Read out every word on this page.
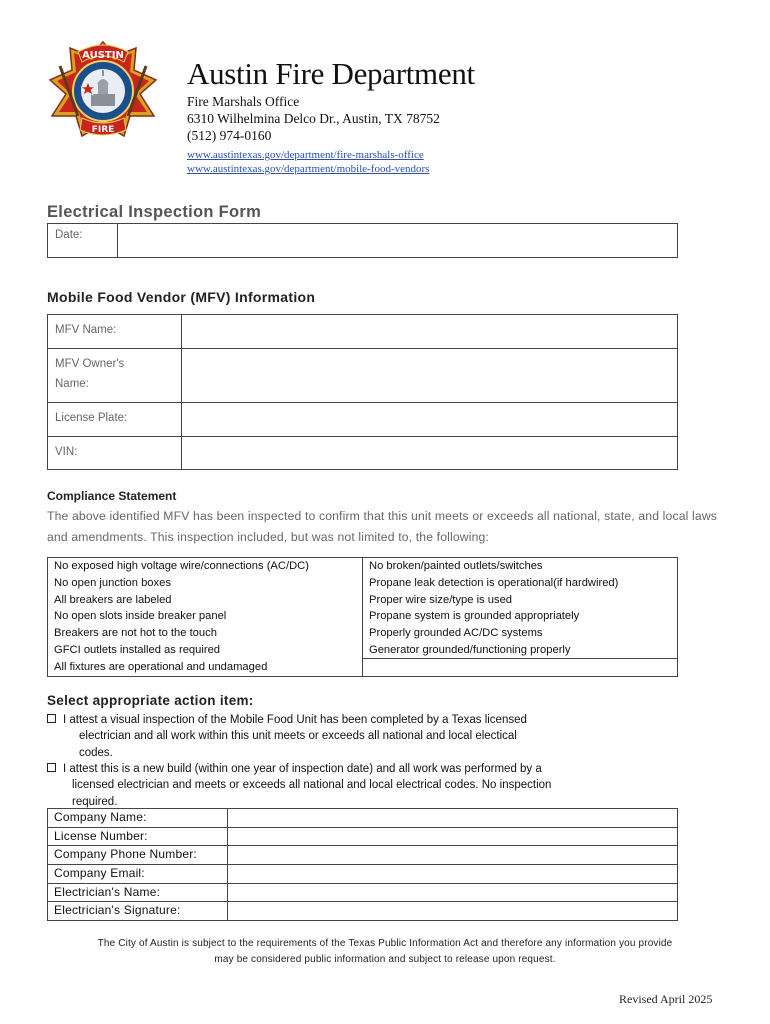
AUSTIN
FIRE
Austin Fire Department
Fire Marshals Office
6310 Wilhelmina Delco Dr., Austin, TX 78752
(512) 974-0160
www.austintexas.gov/department/fire-marshals-office
www.austintexas.gov/department/mobile-food-vendors
Electrical Inspection Form
Date:	
Mobile Food Vendor (MFV) Information
MFV Name:	
MFV Owner's
Name:	
License Plate:	
VIN:	
Compliance Statement
The above identified MFV has been inspected to confirm that this unit meets or exceeds all national, state, and local laws and amendments. This inspection included, but was not limited to, the following:
No exposed high voltage wire/connections (AC/DC)
No open junction boxes
All breakers are labeled
No open slots inside breaker panel
Breakers are not hot to the touch
GFCI outlets installed as required
All fixtures are operational and undamaged

No broken/painted outlets/switches
Propane leak detection is operational(if hardwired)
Proper wire size/type is used
Propane system is grounded appropriately
Properly grounded AC/DC systems
Generator grounded/functioning properly
Select appropriate action item:
I attest a visual inspection of the Mobile Food Unit has been completed by a Texas licensed
electrician and all work within this unit meets or exceeds all national and local electical
codes.
I attest this is a new build (within one year of inspection date) and all work was performed by a
licensed electrician and meets or exceeds all national and local electrical codes. No inspection
required.
Company Name:	
License Number:	
Company Phone Number:	
Company Email:	
Electrician's Name:	
Electrician's Signature:	
The City of Austin is subject to the requirements of the Texas Public Information Act and therefore any information you provide
may be considered public information and subject to release upon request.
Revised April 2025
